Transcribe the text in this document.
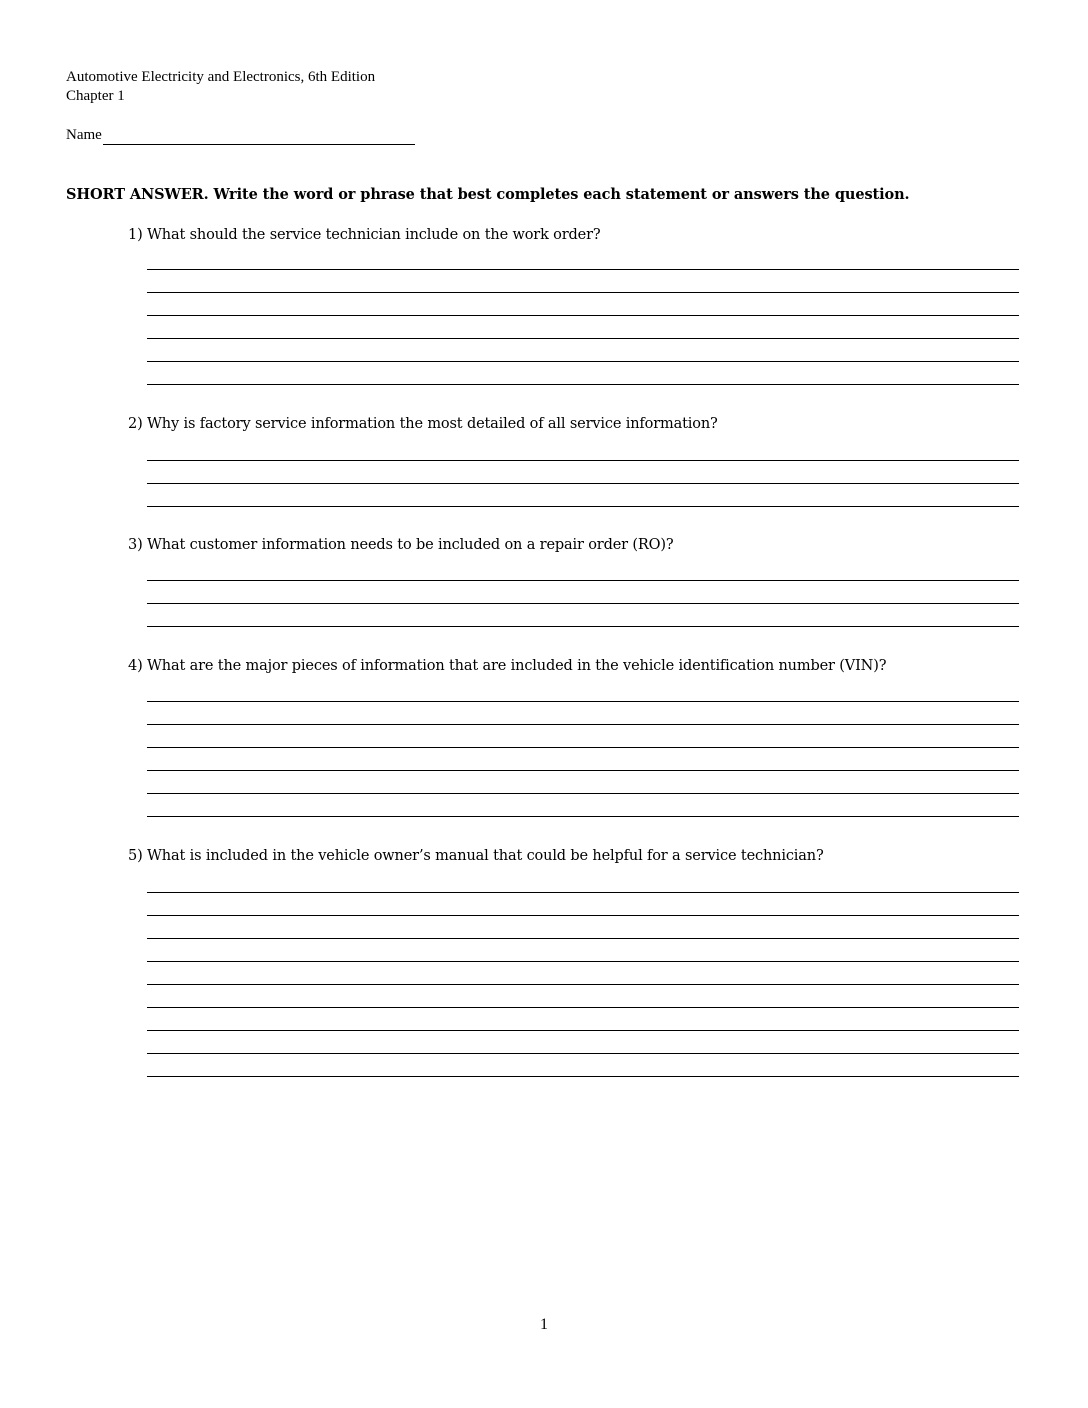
Automotive Electricity and Electronics, 6th Edition
Chapter 1
Name
SHORT ANSWER. Write the word or phrase that best completes each statement or answers the question.
1) What should the service technician include on the work order?
2) Why is factory service information the most detailed of all service information?
3) What customer information needs to be included on a repair order (RO)?
4) What are the major pieces of information that are included in the vehicle identification number (VIN)?
5) What is included in the vehicle owner’s manual that could be helpful for a service technician?
1
